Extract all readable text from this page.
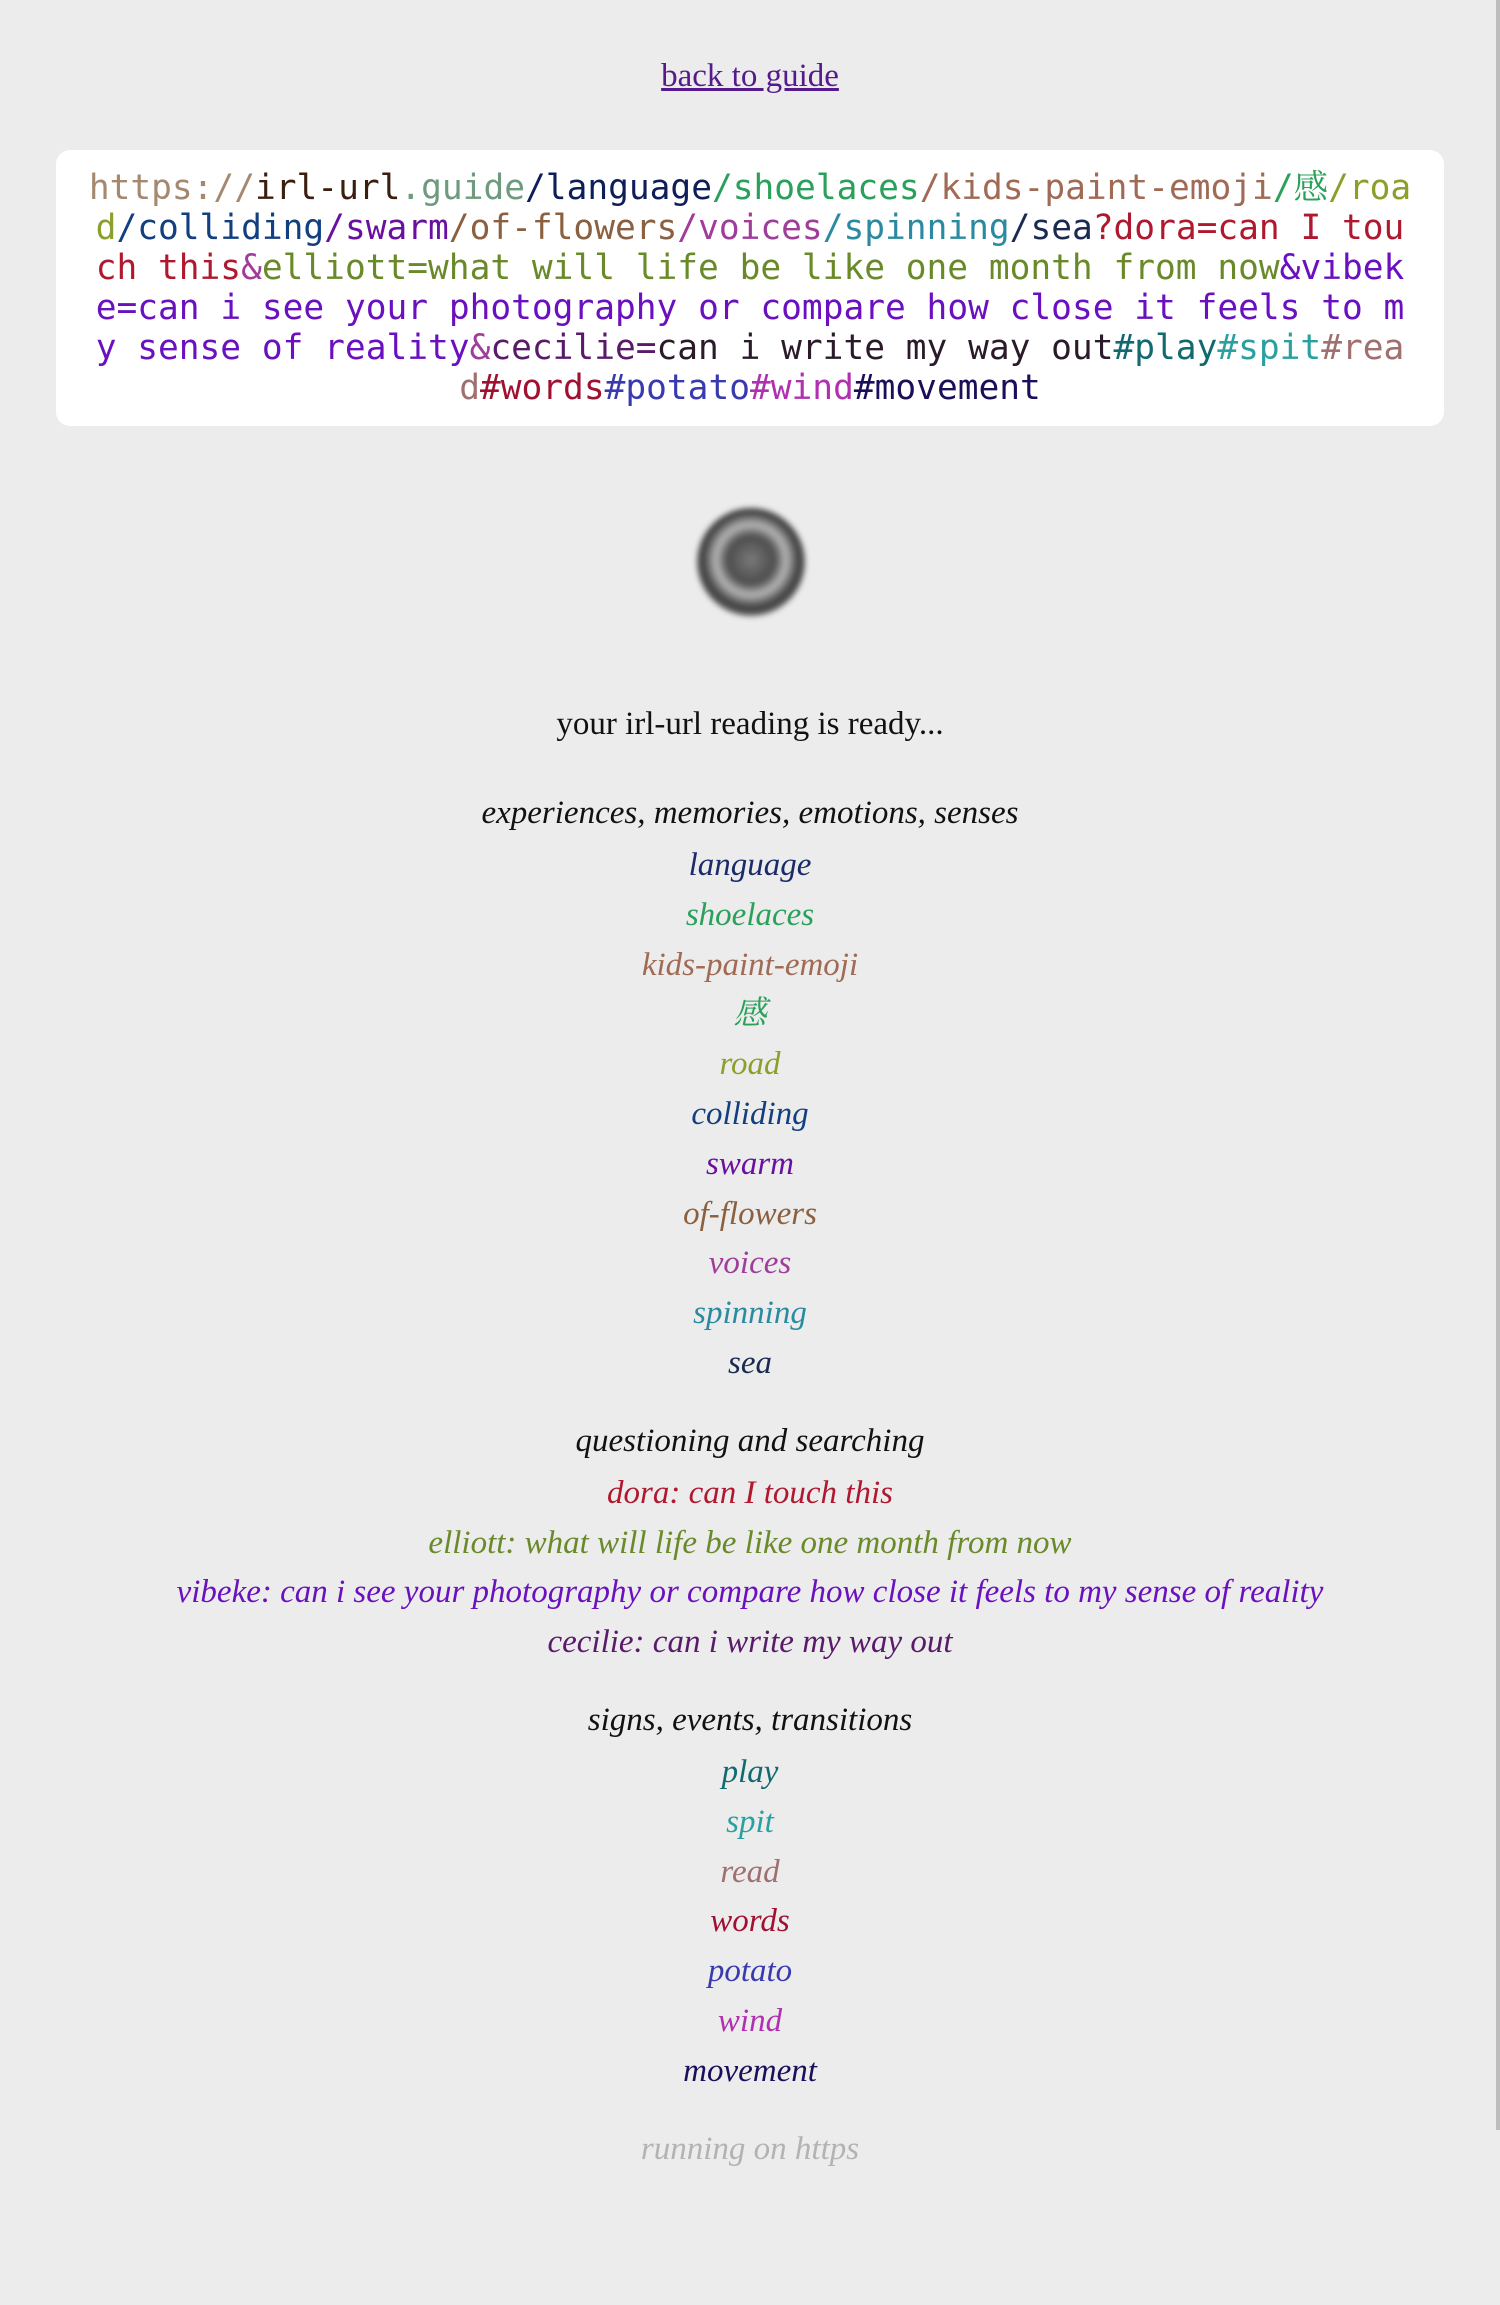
back to guide
https://irl-url.guide/language/shoelaces/kids-paint-emoji/感/road/colliding/swarm/of-flowers/voices/spinning/sea?dora=can I touch this&elliott=what will life be like one month from now&vibeke=can i see your photography or compare how close it feels to my sense of reality&cecilie=can i write my way out#play#spit#read#words#potato#wind#movement
your irl-url reading is ready...
experiences, memories, emotions, senses
language
shoelaces
kids-paint-emoji
感
road
colliding
swarm
of-flowers
voices
spinning
sea
questioning and searching
dora: can I touch this
elliott: what will life be like one month from now
vibeke: can i see your photography or compare how close it feels to my sense of reality
cecilie: can i write my way out
signs, events, transitions
play
spit
read
words
potato
wind
movement
running on https
